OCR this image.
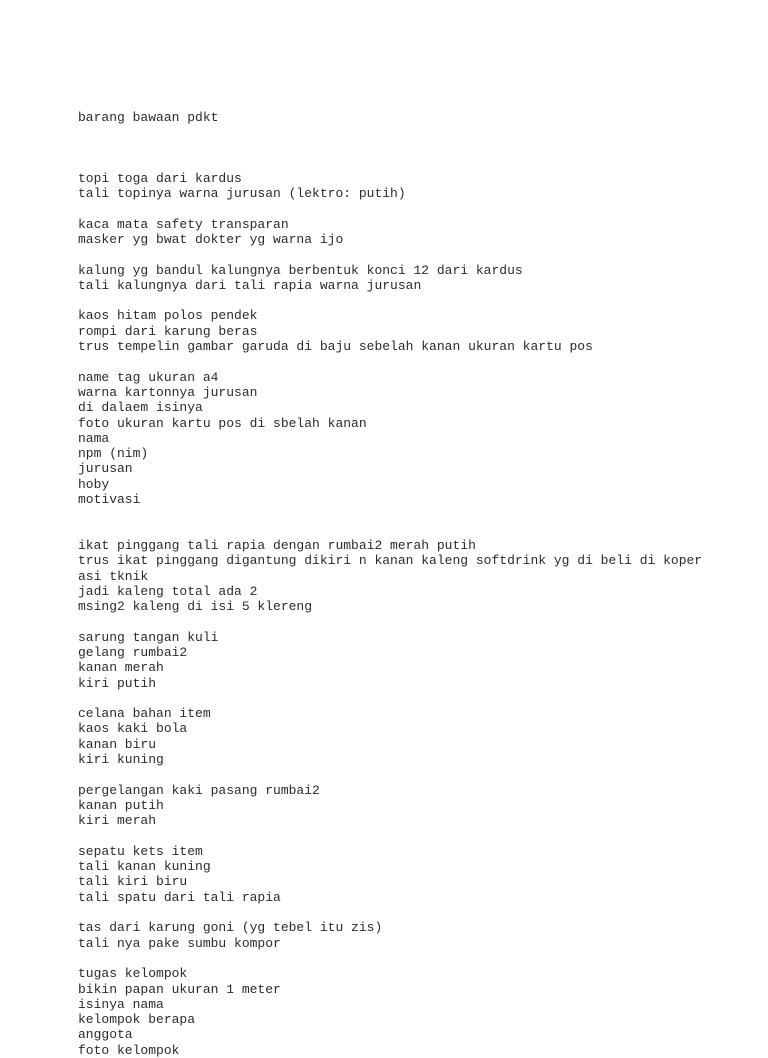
barang bawaan pdkt

topi toga dari kardus
tali topinya warna jurusan (lektro: putih)
kaca mata safety transparan
masker yg bwat dokter yg warna ijo
kalung yg bandul kalungnya berbentuk konci 12 dari kardus
tali kalungnya dari tali rapia warna jurusan
kaos hitam polos pendek
rompi dari karung beras
trus tempelin gambar garuda di baju sebelah kanan ukuran kartu pos
name tag ukuran a4
warna kartonnya jurusan
di dalaem isinya
foto ukuran kartu pos di sbelah kanan
nama
npm (nim)
jurusan
hoby
motivasi
ikat pinggang tali rapia dengan rumbai2 merah putih
trus ikat pinggang digantung dikiri n kanan kaleng softdrink yg di beli di koper
asi tknik
jadi kaleng total ada 2
msing2 kaleng di isi 5 klereng
sarung tangan kuli
gelang rumbai2
kanan merah
kiri putih
celana bahan item
kaos kaki bola
kanan biru
kiri kuning
pergelangan kaki pasang rumbai2
kanan putih
kiri merah
sepatu kets item
tali kanan kuning
tali kiri biru
tali spatu dari tali rapia
tas dari karung goni (yg tebel itu zis)
tali nya pake sumbu kompor
tugas kelompok
bikin papan ukuran 1 meter
isinya nama
kelompok berapa
anggota
foto kelompok
